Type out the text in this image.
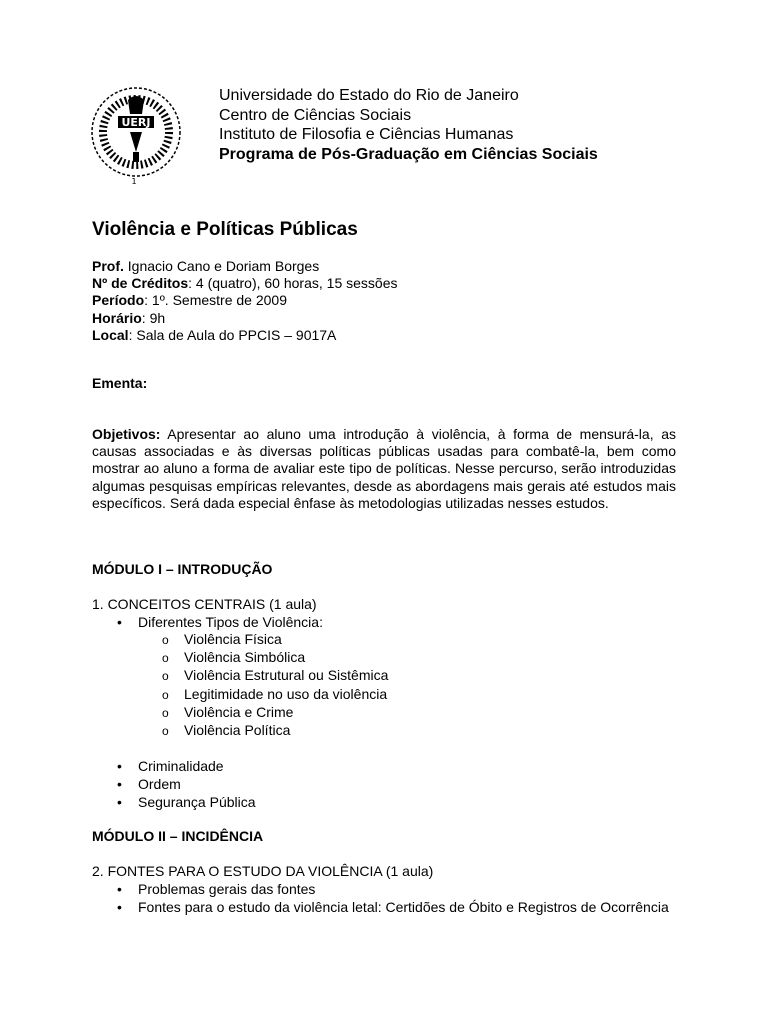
UERJ
1
Universidade do Estado do Rio de Janeiro
Centro de Ciências Sociais
Instituto de Filosofia e Ciências Humanas
Programa de Pós-Graduação em Ciências Sociais
Violência e Políticas Públicas
Prof. Ignacio Cano e Doriam Borges
Nº de Créditos: 4 (quatro), 60 horas, 15 sessões
Período: 1º. Semestre de 2009
Horário: 9h
Local: Sala de Aula do PPCIS – 9017A
Ementa:
Objetivos: Apresentar ao aluno uma introdução à violência, à forma de mensurá-la, as causas associadas e às diversas políticas públicas usadas para combatê-la, bem como mostrar ao aluno a forma de avaliar este tipo de políticas. Nesse percurso, serão introduzidas algumas pesquisas empíricas relevantes, desde as abordagens mais gerais até estudos mais específicos. Será dada especial ênfase às metodologias utilizadas nesses estudos.
MÓDULO I – INTRODUÇÃO
1. CONCEITOS CENTRAIS (1 aula)
• Diferentes Tipos de Violência:
o Violência Física
o Violência Simbólica
o Violência Estrutural ou Sistêmica
o Legitimidade no uso da violência
o Violência e Crime
o Violência Política
• Criminalidade
• Ordem
• Segurança Pública
MÓDULO II – INCIDÊNCIA
2. FONTES PARA O ESTUDO DA VIOLÊNCIA (1 aula)
• Problemas gerais das fontes
• Fontes para o estudo da violência letal: Certidões de Óbito e Registros de Ocorrência
